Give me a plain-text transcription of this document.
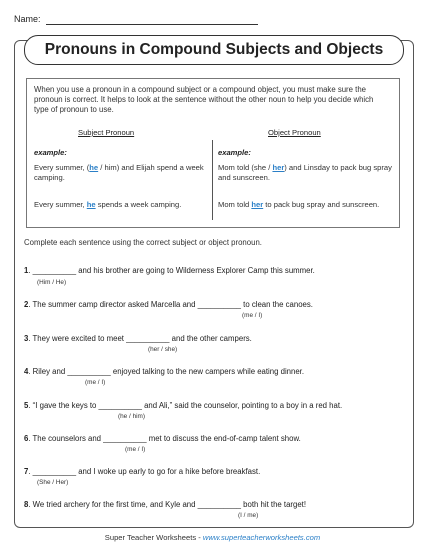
Name:
Pronouns in Compound Subjects and Objects
When you use a pronoun in a compound subject or a compound object, you must make sure the pronoun is correct. It helps to look at the sentence without the other noun to help you decide which type of pronoun to use.
Subject Pronoun	Object Pronoun
example:	example:
Every summer, (he / him) and Elijah spend a week camping.
Every summer, he spends a week camping.
Mom told (she / her) and Linsday to pack bug spray and sunscreen.
Mom told her to pack bug spray and sunscreen.
Complete each sentence using the correct subject or object pronoun.
1. __________ and his brother are going to Wilderness Explorer Camp this summer.
(Him / He)
2. The summer camp director asked Marcella and __________ to clean the canoes.
(me / I)
3. They were excited to meet __________ and the other campers.
(her / she)
4. Riley and __________ enjoyed talking to the new campers while eating dinner.
(me / I)
5. “I gave the keys to __________ and Ali,” said the counselor, pointing to a boy in a red hat.
(he / him)
6. The counselors and __________ met to discuss the end-of-camp talent show.
(me / I)
7. __________ and I woke up early to go for a hike before breakfast.
(She / Her)
8. We tried archery for the first time, and Kyle and __________ both hit the target!
(I / me)
Super Teacher Worksheets - www.superteacherworksheets.com
